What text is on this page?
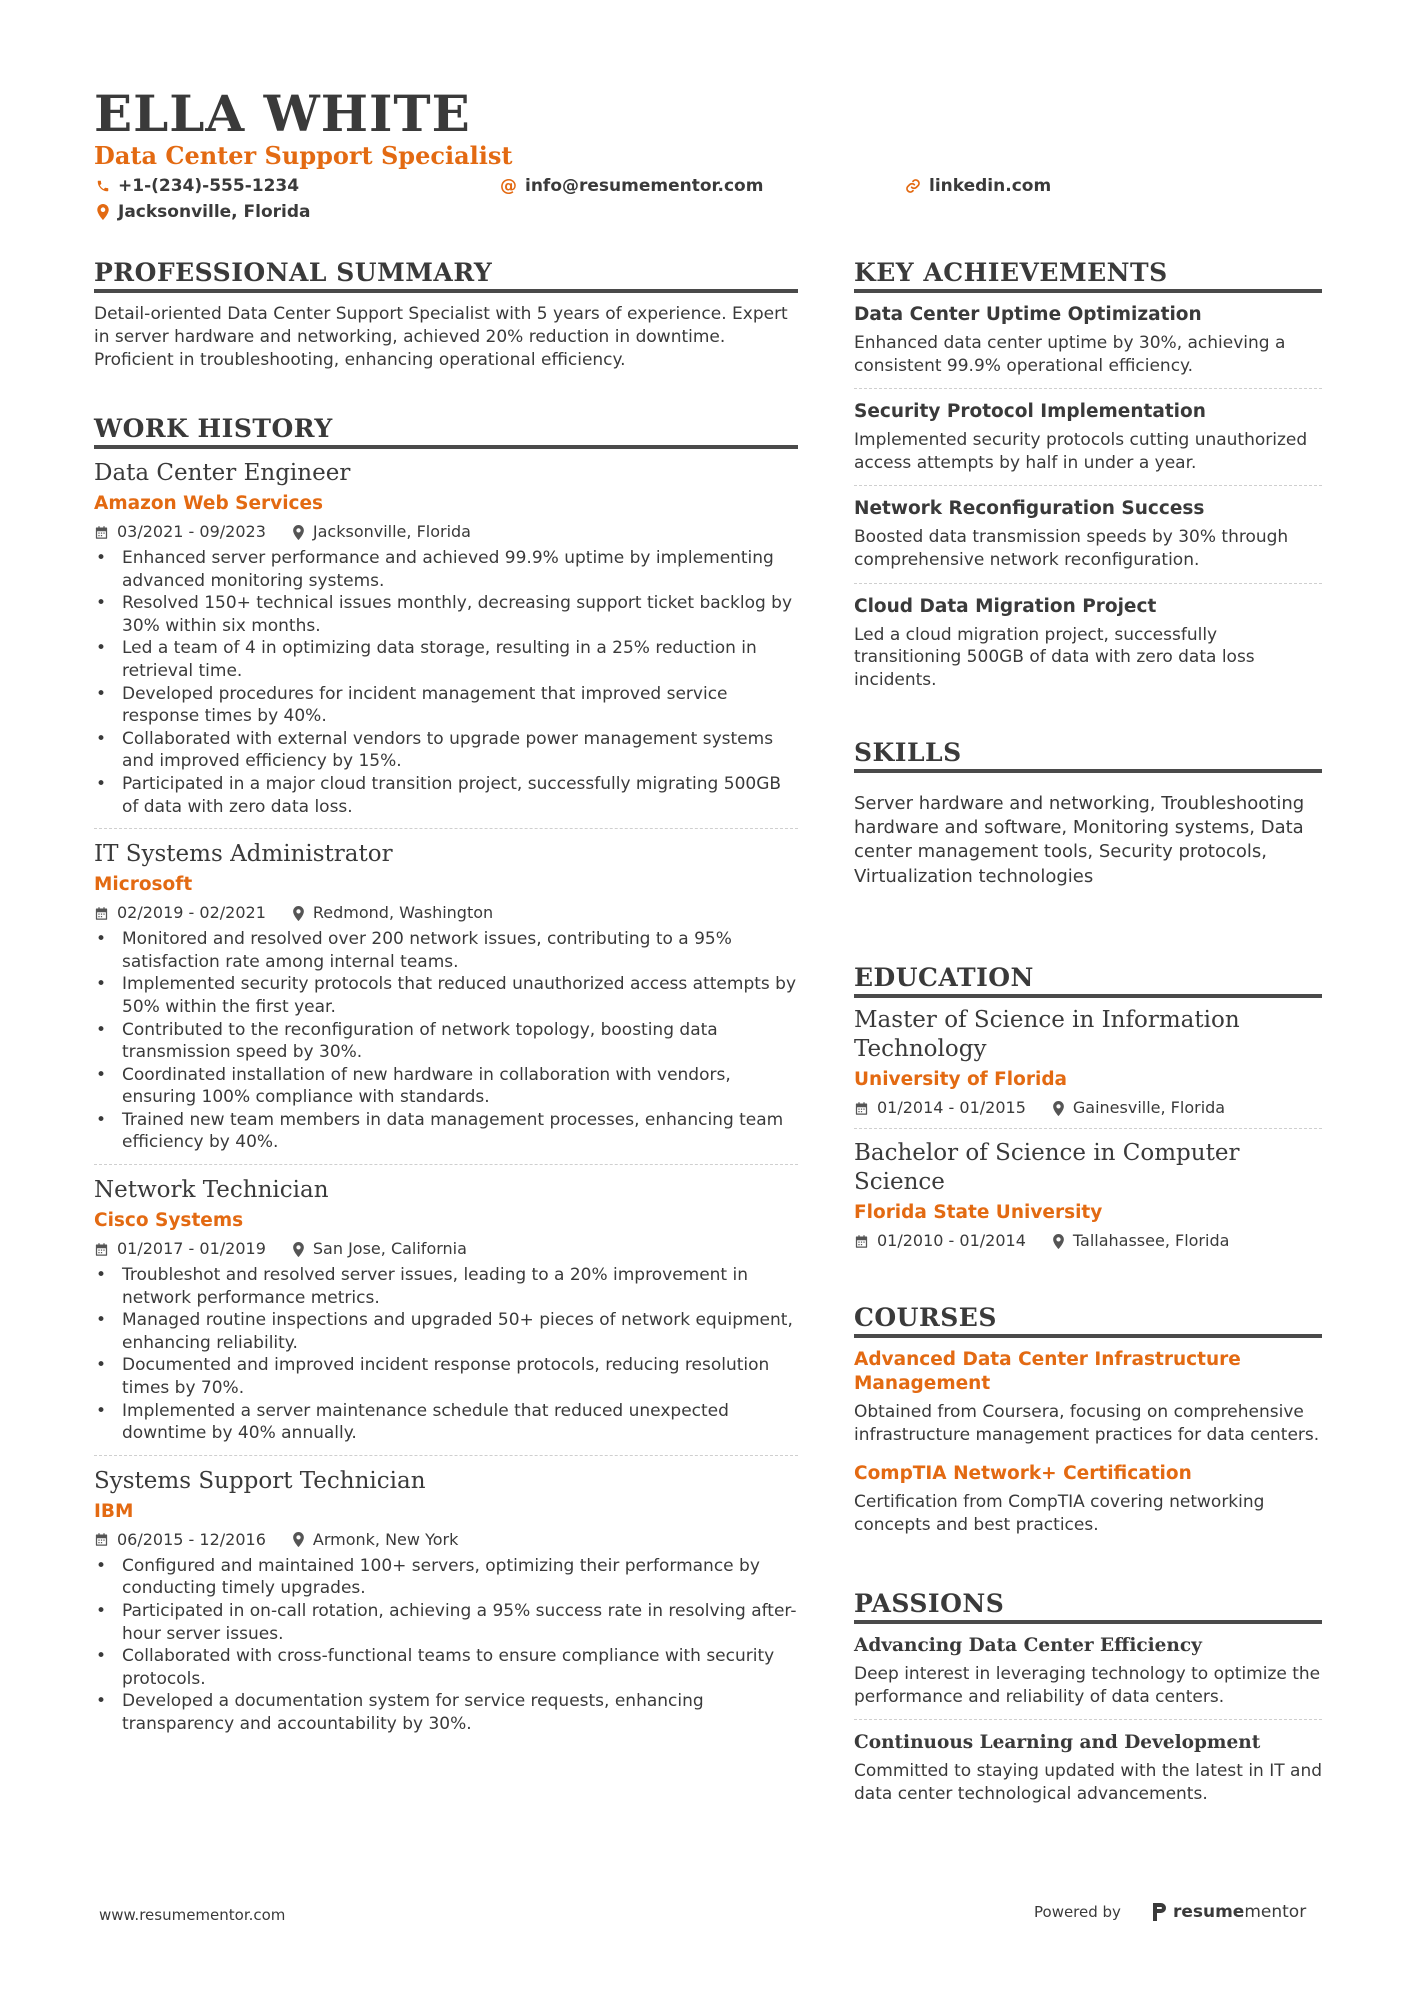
ELLA WHITE
Data Center Support Specialist
+1-(234)-555-1234	@ info@resumementor.com	linkedin.com
Jacksonville, Florida
PROFESSIONAL SUMMARY
Detail-oriented Data Center Support Specialist with 5 years of experience. Expert in server hardware and networking, achieved 20% reduction in downtime. Proficient in troubleshooting, enhancing operational efficiency.
WORK HISTORY
Data Center Engineer
Amazon Web Services
03/2021 - 09/2023	Jacksonville, Florida
• Enhanced server performance and achieved 99.9% uptime by implementing advanced monitoring systems.
• Resolved 150+ technical issues monthly, decreasing support ticket backlog by 30% within six months.
• Led a team of 4 in optimizing data storage, resulting in a 25% reduction in retrieval time.
• Developed procedures for incident management that improved service response times by 40%.
• Collaborated with external vendors to upgrade power management systems and improved efficiency by 15%.
• Participated in a major cloud transition project, successfully migrating 500GB of data with zero data loss.
IT Systems Administrator
Microsoft
02/2019 - 02/2021	Redmond, Washington
• Monitored and resolved over 200 network issues, contributing to a 95% satisfaction rate among internal teams.
• Implemented security protocols that reduced unauthorized access attempts by 50% within the first year.
• Contributed to the reconfiguration of network topology, boosting data transmission speed by 30%.
• Coordinated installation of new hardware in collaboration with vendors, ensuring 100% compliance with standards.
• Trained new team members in data management processes, enhancing team efficiency by 40%.
Network Technician
Cisco Systems
01/2017 - 01/2019	San Jose, California
• Troubleshot and resolved server issues, leading to a 20% improvement in network performance metrics.
• Managed routine inspections and upgraded 50+ pieces of network equipment, enhancing reliability.
• Documented and improved incident response protocols, reducing resolution times by 70%.
• Implemented a server maintenance schedule that reduced unexpected downtime by 40% annually.
Systems Support Technician
IBM
06/2015 - 12/2016	Armonk, New York
• Configured and maintained 100+ servers, optimizing their performance by conducting timely upgrades.
• Participated in on-call rotation, achieving a 95% success rate in resolving after-hour server issues.
• Collaborated with cross-functional teams to ensure compliance with security protocols.
• Developed a documentation system for service requests, enhancing transparency and accountability by 30%.
KEY ACHIEVEMENTS
Data Center Uptime Optimization
Enhanced data center uptime by 30%, achieving a consistent 99.9% operational efficiency.
Security Protocol Implementation
Implemented security protocols cutting unauthorized access attempts by half in under a year.
Network Reconfiguration Success
Boosted data transmission speeds by 30% through comprehensive network reconfiguration.
Cloud Data Migration Project
Led a cloud migration project, successfully transitioning 500GB of data with zero data loss incidents.
SKILLS
Server hardware and networking, Troubleshooting hardware and software, Monitoring systems, Data center management tools, Security protocols, Virtualization technologies
EDUCATION
Master of Science in Information Technology
University of Florida
01/2014 - 01/2015	Gainesville, Florida
Bachelor of Science in Computer Science
Florida State University
01/2010 - 01/2014	Tallahassee, Florida
COURSES
Advanced Data Center Infrastructure Management
Obtained from Coursera, focusing on comprehensive infrastructure management practices for data centers.
CompTIA Network+ Certification
Certification from CompTIA covering networking concepts and best practices.
PASSIONS
Advancing Data Center Efficiency
Deep interest in leveraging technology to optimize the performance and reliability of data centers.
Continuous Learning and Development
Committed to staying updated with the latest in IT and data center technological advancements.
www.resumementor.com	Powered by	resumementor
